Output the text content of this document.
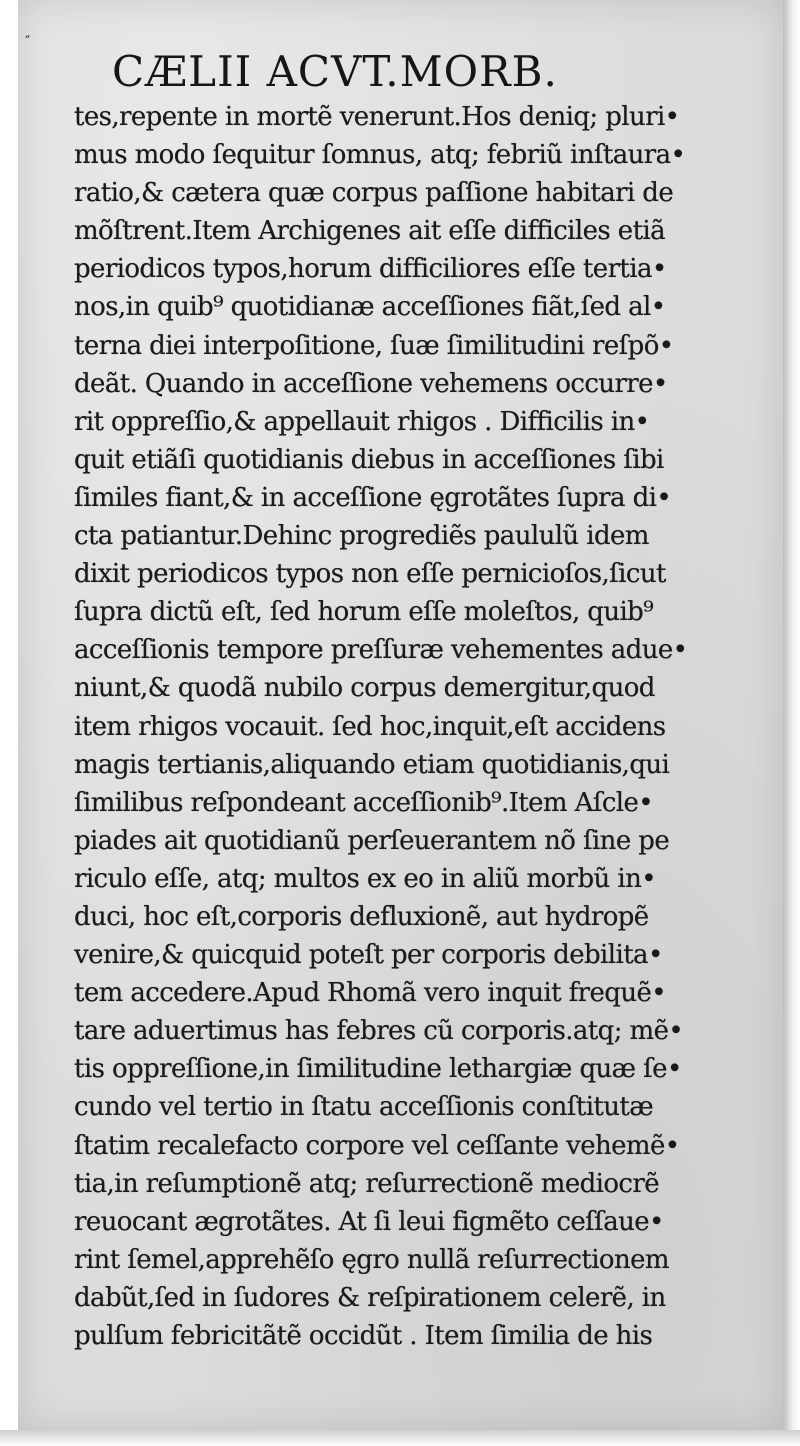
″
CÆLII ACVT.MORB.
tes,repente in mortẽ venerunt.Hos deniq; pluri•
mus modo ſequitur ſomnus, atq; febriũ inſtaura•
ratio,& cætera quæ corpus paſſione habitari de
mõſtrent.Item Archigenes ait eſſe difficiles etiã
periodicos typos,horum difficiliores eſſe tertia•
nos,in quib⁹ quotidianæ acceſſiones fiãt,ſed al•
terna diei interpoſitione, ſuæ ſimilitudini reſpõ•
deãt. Quando in acceſſione vehemens occurre•
rit oppreſſio,& appellauit rhigos . Difficilis in•
quit etiãſi quotidianis diebus in acceſſiones ſibi
ſimiles fiant,& in acceſſione ęgrotãtes ſupra di•
cta patiantur.Dehinc progrediẽs paululũ idem
dixit periodicos typos non eſſe pernicioſos,ſicut
ſupra dictũ eſt, ſed horum eſſe moleſtos, quib⁹
acceſſionis tempore preſſuræ vehementes adue•
niunt,& quodã nubilo corpus demergitur,quod
item rhigos vocauit. ſed hoc,inquit,eſt accidens
magis tertianis,aliquando etiam quotidianis,qui
ſimilibus reſpondeant acceſſionib⁹.Item Aſcle•
piades ait quotidianũ perſeuerantem nõ ſine pe
riculo eſſe, atq; multos ex eo in aliũ morbũ in•
duci, hoc eſt,corporis defluxionẽ, aut hydropẽ
venire,& quicquid poteſt per corporis debilita•
tem accedere.Apud Rhomã vero inquit frequẽ•
tare aduertimus has febres cũ corporis.atq; mẽ•
tis oppreſſione,in ſimilitudine lethargiæ quæ ſe•
cundo vel tertio in ſtatu acceſſionis conſtitutæ
ſtatim recalefacto corpore vel ceſſante vehemẽ•
tia,in reſumptionẽ atq; reſurrectionẽ mediocrẽ
reuocant ægrotãtes. At ſi leui figmẽto ceſſaue•
rint ſemel,apprehẽſo ęgro nullã reſurrectionem
dabũt,ſed in ſudores & reſpirationem celerẽ, in
pulſum febricitãtẽ occidũt . Item ſimilia de his
